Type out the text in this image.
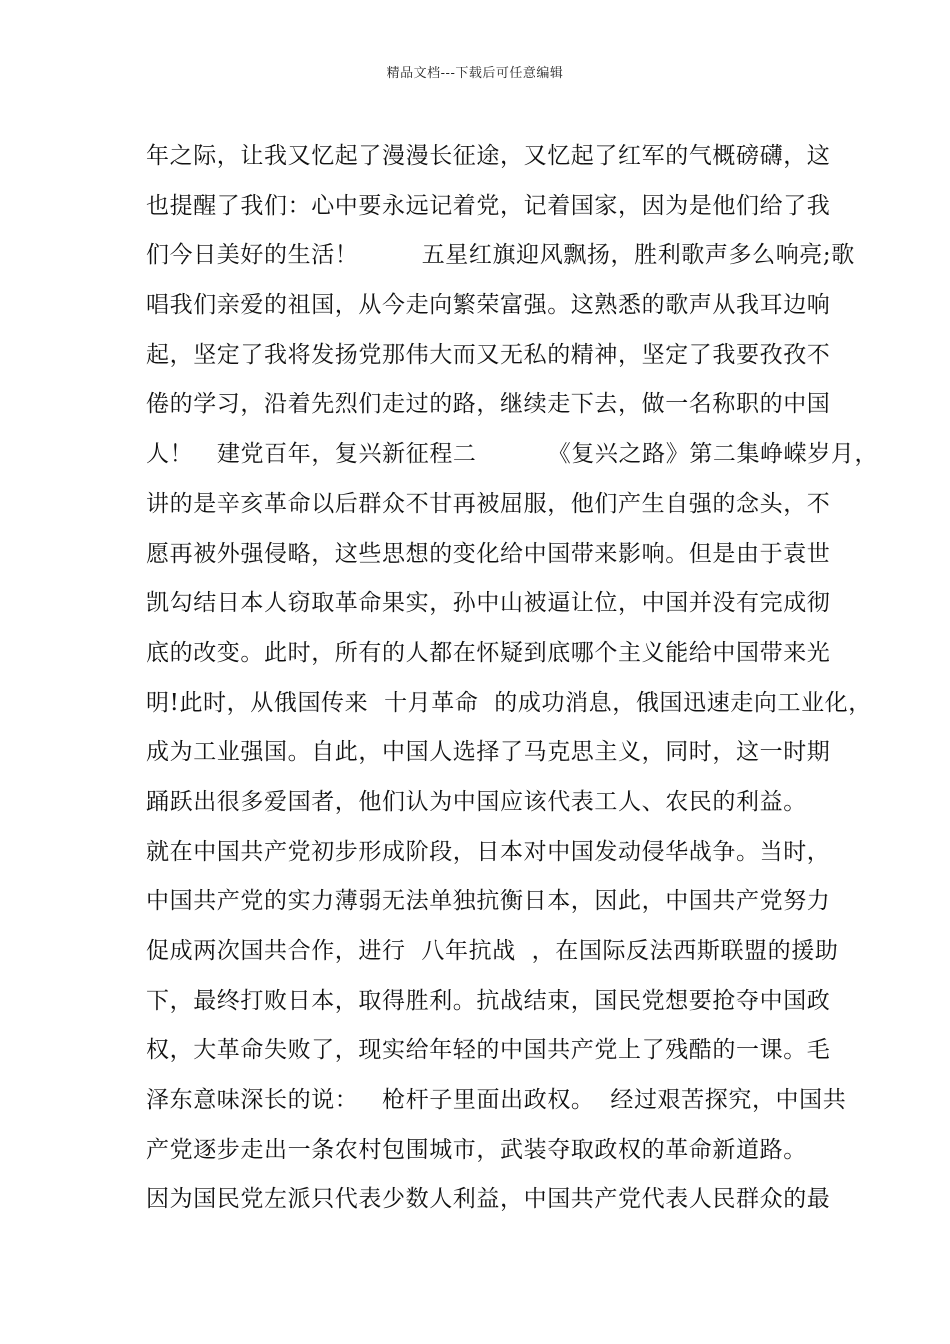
精品文档---下载后可任意编辑
年之际，让我又忆起了漫漫长征途，又忆起了红军的气概磅礴，这
也提醒了我们：心中要永远记着党，记着国家，因为是他们给了我
们今日美好的生活！        五星红旗迎风飘扬，胜利歌声多么响亮;歌
唱我们亲爱的祖国，从今走向繁荣富强。这熟悉的歌声从我耳边响
起，坚定了我将发扬党那伟大而又无私的精神，坚定了我要孜孜不
倦的学习，沿着先烈们走过的路，继续走下去，做一名称职的中国
人！   建党百年，复兴新征程二         《复兴之路》第二集峥嵘岁月，
讲的是辛亥革命以后群众不甘再被屈服，他们产生自强的念头，不
愿再被外强侵略，这些思想的变化给中国带来影响。但是由于袁世
凯勾结日本人窃取革命果实，孙中山被逼让位，中国并没有完成彻
底的改变。此时，所有的人都在怀疑到底哪个主义能给中国带来光
明!此时，从俄国传来  十月革命  的成功消息，俄国迅速走向工业化，
成为工业强国。自此，中国人选择了马克思主义，同时，这一时期
踊跃出很多爱国者，他们认为中国应该代表工人、农民的利益。
就在中国共产党初步形成阶段，日本对中国发动侵华战争。当时，
中国共产党的实力薄弱无法单独抗衡日本，因此，中国共产党努力
促成两次国共合作，进行  八年抗战  ，在国际反法西斯联盟的援助
下，最终打败日本，取得胜利。抗战结束，国民党想要抢夺中国政
权，大革命失败了，现实给年轻的中国共产党上了残酷的一课。毛
泽东意味深长的说：   枪杆子里面出政权。  经过艰苦探究，中国共
产党逐步走出一条农村包围城市，武装夺取政权的革命新道路。
因为国民党左派只代表少数人利益，中国共产党代表人民群众的最
